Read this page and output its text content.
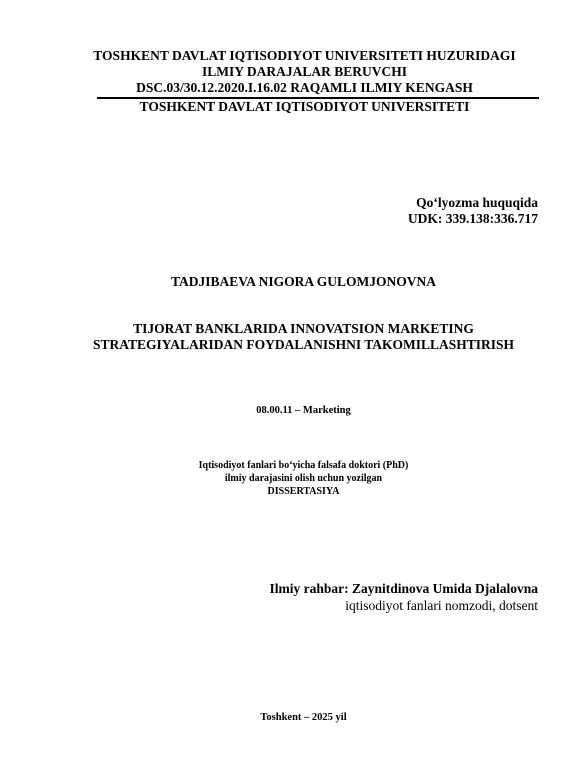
TOSHKENT DAVLAT IQTISODIYOT UNIVERSITETI HUZURIDAGI
ILMIY DARAJALAR BERUVCHI
DSC.03/30.12.2020.I.16.02 RAQAMLI ILMIY KENGASH
TOSHKENT DAVLAT IQTISODIYOT UNIVERSITETI
Qo‘lyozma huquqida
UDK: 339.138:336.717
TADJIBAEVA NIGORA GULOMJONOVNA
TIJORAT BANKLARIDA INNOVATSION MARKETING
STRATEGIYALARIDAN FOYDALANISHNI TAKOMILLASHTIRISH
08.00.11 – Marketing
Iqtisodiyot fanlari bo‘yicha falsafa doktori (PhD)
ilmiy darajasini olish uchun yozilgan
DISSERTASIYA
Ilmiy rahbar: Zaynitdinova Umida Djalalovna
iqtisodiyot fanlari nomzodi, dotsent
Toshkent – 2025 yil
